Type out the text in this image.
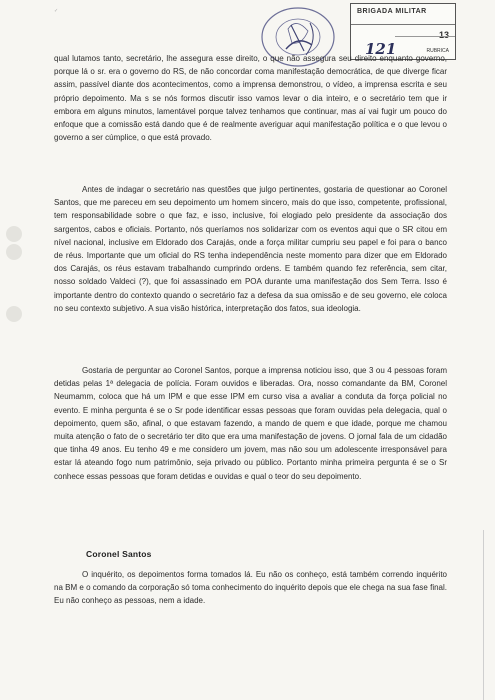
✓	BRIGADA MILITAR
13
121	RUBRICA

qual lutamos tanto, secretário, lhe assegura esse direito, o que não assegura seu direito enquanto governo, porque lá o sr. era o governo do RS, de não concordar coma manifestação democrática, de que diverge ficar assim, passível diante dos acontecimentos, como a imprensa demonstrou, o vídeo, a imprensa escrita e seu próprio depoimento. Ma s se nós formos discutir isso vamos levar o dia inteiro, e o secretário tem que ir embora em alguns minutos, lamentável porque talvez tenhamos que continuar, mas aí vai fugir um pouco do enfoque que a comissão está dando que é de realmente averiguar aqui manifestação política e o que levou o governo a ser cúmplice, o que está provado.

Antes de indagar o secretário nas questões que julgo pertinentes, gostaria de questionar ao Coronel Santos, que me pareceu em seu depoimento um homem sincero, mais do que isso, competente, profissional, tem responsabilidade sobre o que faz, e isso, inclusive, foi elogiado pelo presidente da associação dos sargentos, cabos e oficiais. Portanto, nós queríamos nos solidarizar com os eventos aqui que o SR citou em nível nacional, inclusive em Eldorado dos Carajás, onde a força militar cumpriu seu papel e foi para o banco de réus. Importante que um oficial do RS tenha independência neste momento para dizer que em Eldorado dos Carajás, os réus estavam trabalhando cumprindo ordens. E também quando fez referência, sem citar, nosso soldado Valdeci (?), que foi assassinado em POA durante uma manifestação dos Sem Terra. Isso é importante dentro do contexto quando o secretário faz a defesa da sua omissão e de seu governo, ele coloca no seu contexto subjetivo. A sua visão histórica, interpretação dos fatos, sua ideologia.

Gostaria de perguntar ao Coronel Santos, porque a imprensa noticiou isso, que 3 ou 4 pessoas foram detidas pelas 1ª delegacia de polícia. Foram ouvidos e liberadas. Ora, nosso comandante da BM, Coronel Neumamm, coloca que há um IPM e que esse IPM em curso visa a avaliar a conduta da força policial no evento. E minha pergunta é se o Sr pode identificar essas pessoas que foram ouvidas pela delegacia, qual o depoimento, quem são, afinal, o que estavam fazendo, a mando de quem e que idade, porque me chamou muita atenção o fato de o secretário ter dito que era uma manifestação de jovens. O jornal fala de um cidadão que tinha 49 anos. Eu tenho 49 e me considero um jovem, mas não sou um adolescente irresponsável para estar lá ateando fogo num patrimônio, seja privado ou público. Portanto minha primeira pergunta é se o Sr conhece essas pessoas que foram detidas e ouvidas e qual o teor do seu depoimento.

Coronel Santos

O inquérito, os depoimentos forma tomados lá. Eu não os conheço, está também correndo inquérito na BM e o comando da corporação só toma conhecimento do inquérito depois que ele chega na sua fase final. Eu não conheço as pessoas, nem a idade.
